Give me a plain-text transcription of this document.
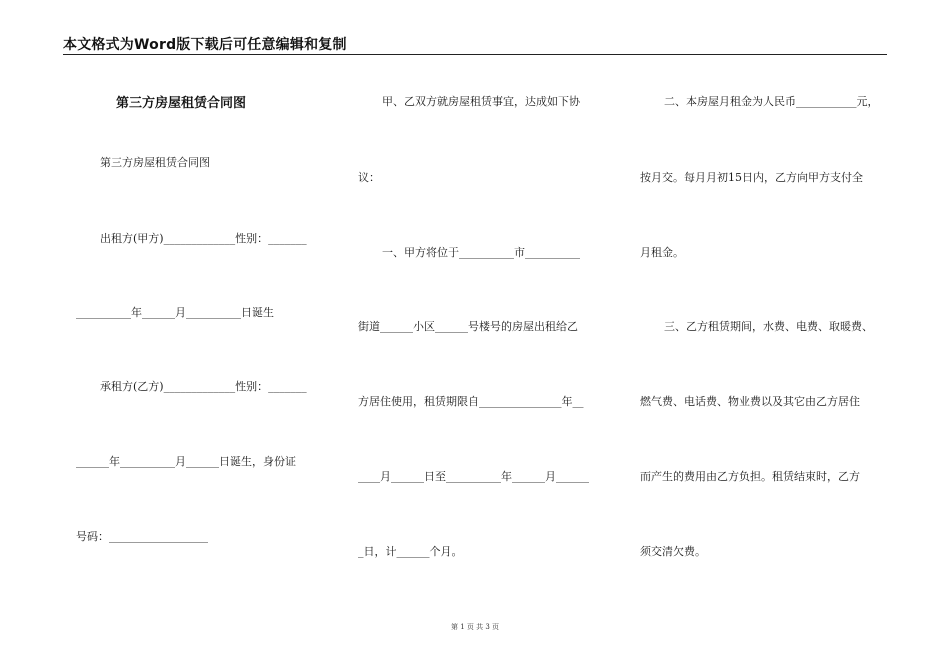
本文格式为Word版下载后可任意编辑和复制
第三方房屋租赁合同图
第三方房屋租赁合同图
出租方(甲方)_____________性别：_______
__________年______月__________日诞生
承租方(乙方)_____________性别：_______
______年__________月______日诞生，身份证
号码：__________________
甲、乙双方就房屋租赁事宜，达成如下协
议：
一、甲方将位于__________市__________
街道______小区______号楼号的房屋出租给乙
方居住使用，租赁期限自_______________年__
____月______日至__________年______月______
_日，计______个月。
二、本房屋月租金为人民币___________元，
按月交。每月月初15日内，乙方向甲方支付全
月租金。
三、乙方租赁期间，水费、电费、取暖费、
燃气费、电话费、物业费以及其它由乙方居住
而产生的费用由乙方负担。租赁结束时，乙方
须交清欠费。
第 1 页 共 3 页
